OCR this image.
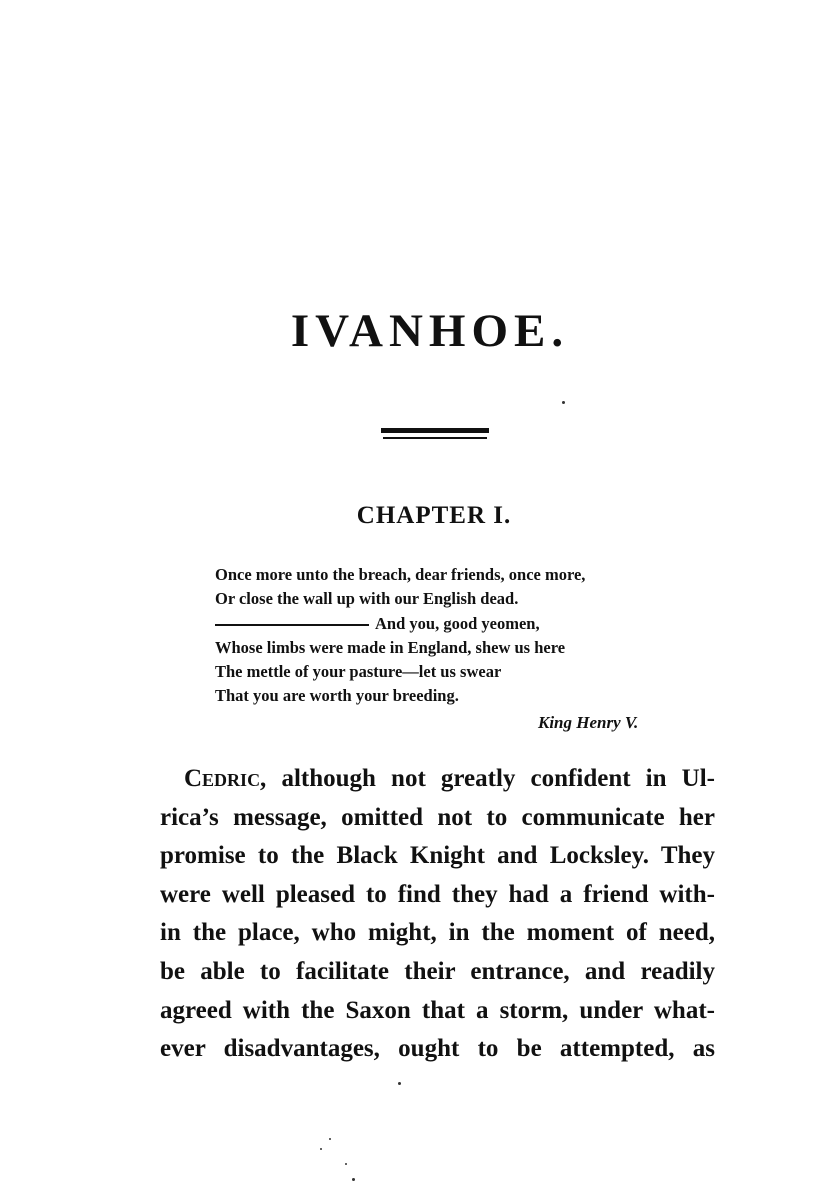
IVANHOE.
CHAPTER I.
Once more unto the breach, dear friends, once more,
Or close the wall up with our English dead.
And you, good yeomen,
Whose limbs were made in England, shew us here
The mettle of your pasture—let us swear
That you are worth your breeding.
King Henry V.
Cedric, although not greatly confident in Ul-
rica’s message, omitted not to communicate her
promise to the Black Knight and Locksley. They
were well pleased to find they had a friend with-
in the place, who might, in the moment of need,
be able to facilitate their entrance, and readily
agreed with the Saxon that a storm, under what-
ever disadvantages, ought to be attempted, as
